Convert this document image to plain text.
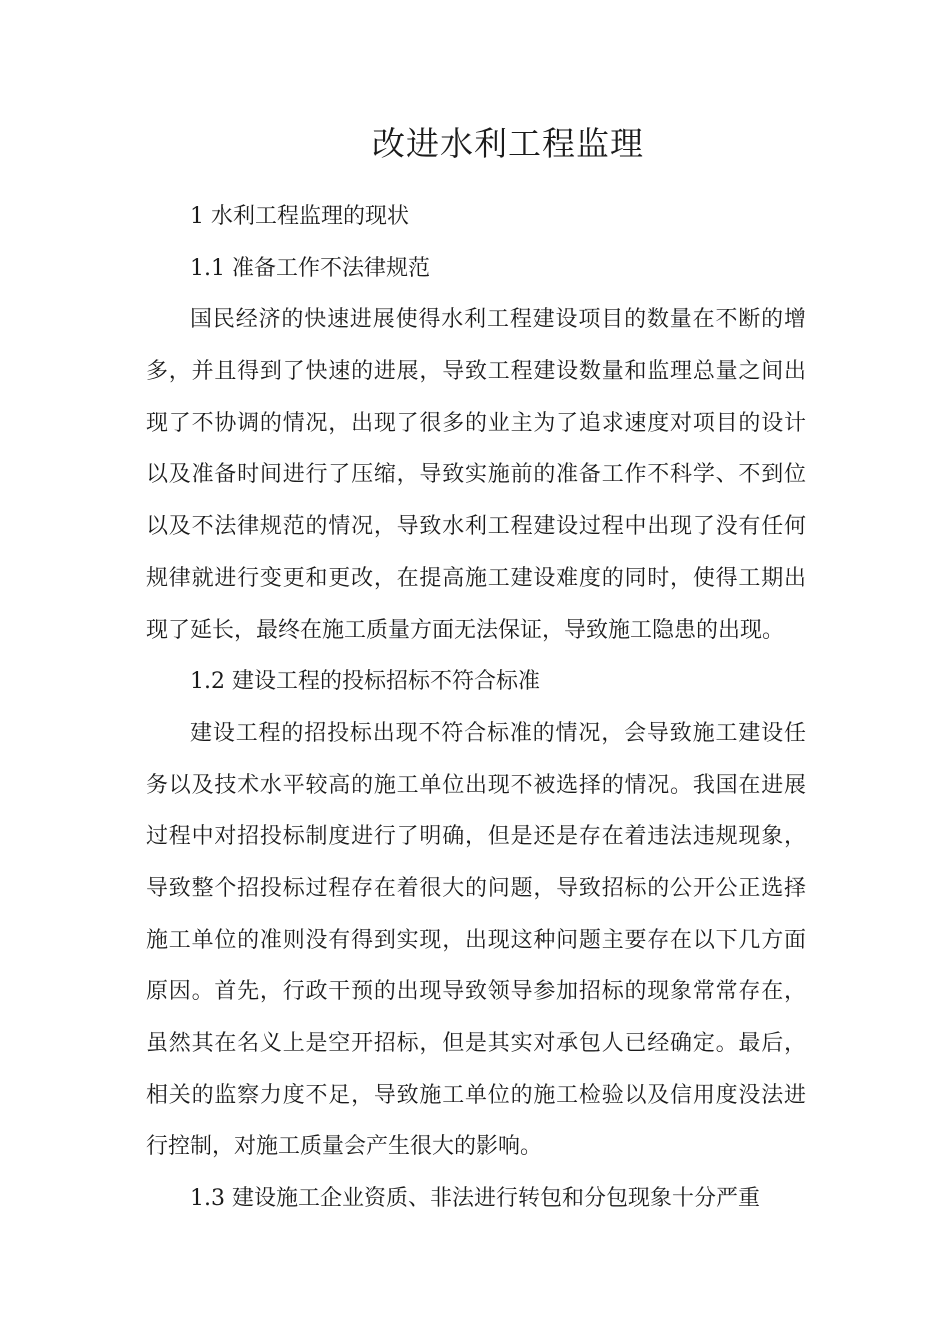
改进水利工程监理
1 水利工程监理的现状
1.1 准备工作不法律规范
国民经济的快速进展使得水利工程建设项目的数量在不断的增
多，并且得到了快速的进展，导致工程建设数量和监理总量之间出
现了不协调的情况，出现了很多的业主为了追求速度对项目的设计
以及准备时间进行了压缩，导致实施前的准备工作不科学、不到位
以及不法律规范的情况，导致水利工程建设过程中出现了没有任何
规律就进行变更和更改，在提高施工建设难度的同时，使得工期出
现了延长，最终在施工质量方面无法保证，导致施工隐患的出现。
1.2 建设工程的投标招标不符合标准
建设工程的招投标出现不符合标准的情况，会导致施工建设任
务以及技术水平较高的施工单位出现不被选择的情况。我国在进展
过程中对招投标制度进行了明确，但是还是存在着违法违规现象，
导致整个招投标过程存在着很大的问题，导致招标的公开公正选择
施工单位的准则没有得到实现，出现这种问题主要存在以下几方面
原因。首先，行政干预的出现导致领导参加招标的现象常常存在，
虽然其在名义上是空开招标，但是其实对承包人已经确定。最后，
相关的监察力度不足，导致施工单位的施工检验以及信用度没法进
行控制，对施工质量会产生很大的影响。
1.3 建设施工企业资质、非法进行转包和分包现象十分严重
